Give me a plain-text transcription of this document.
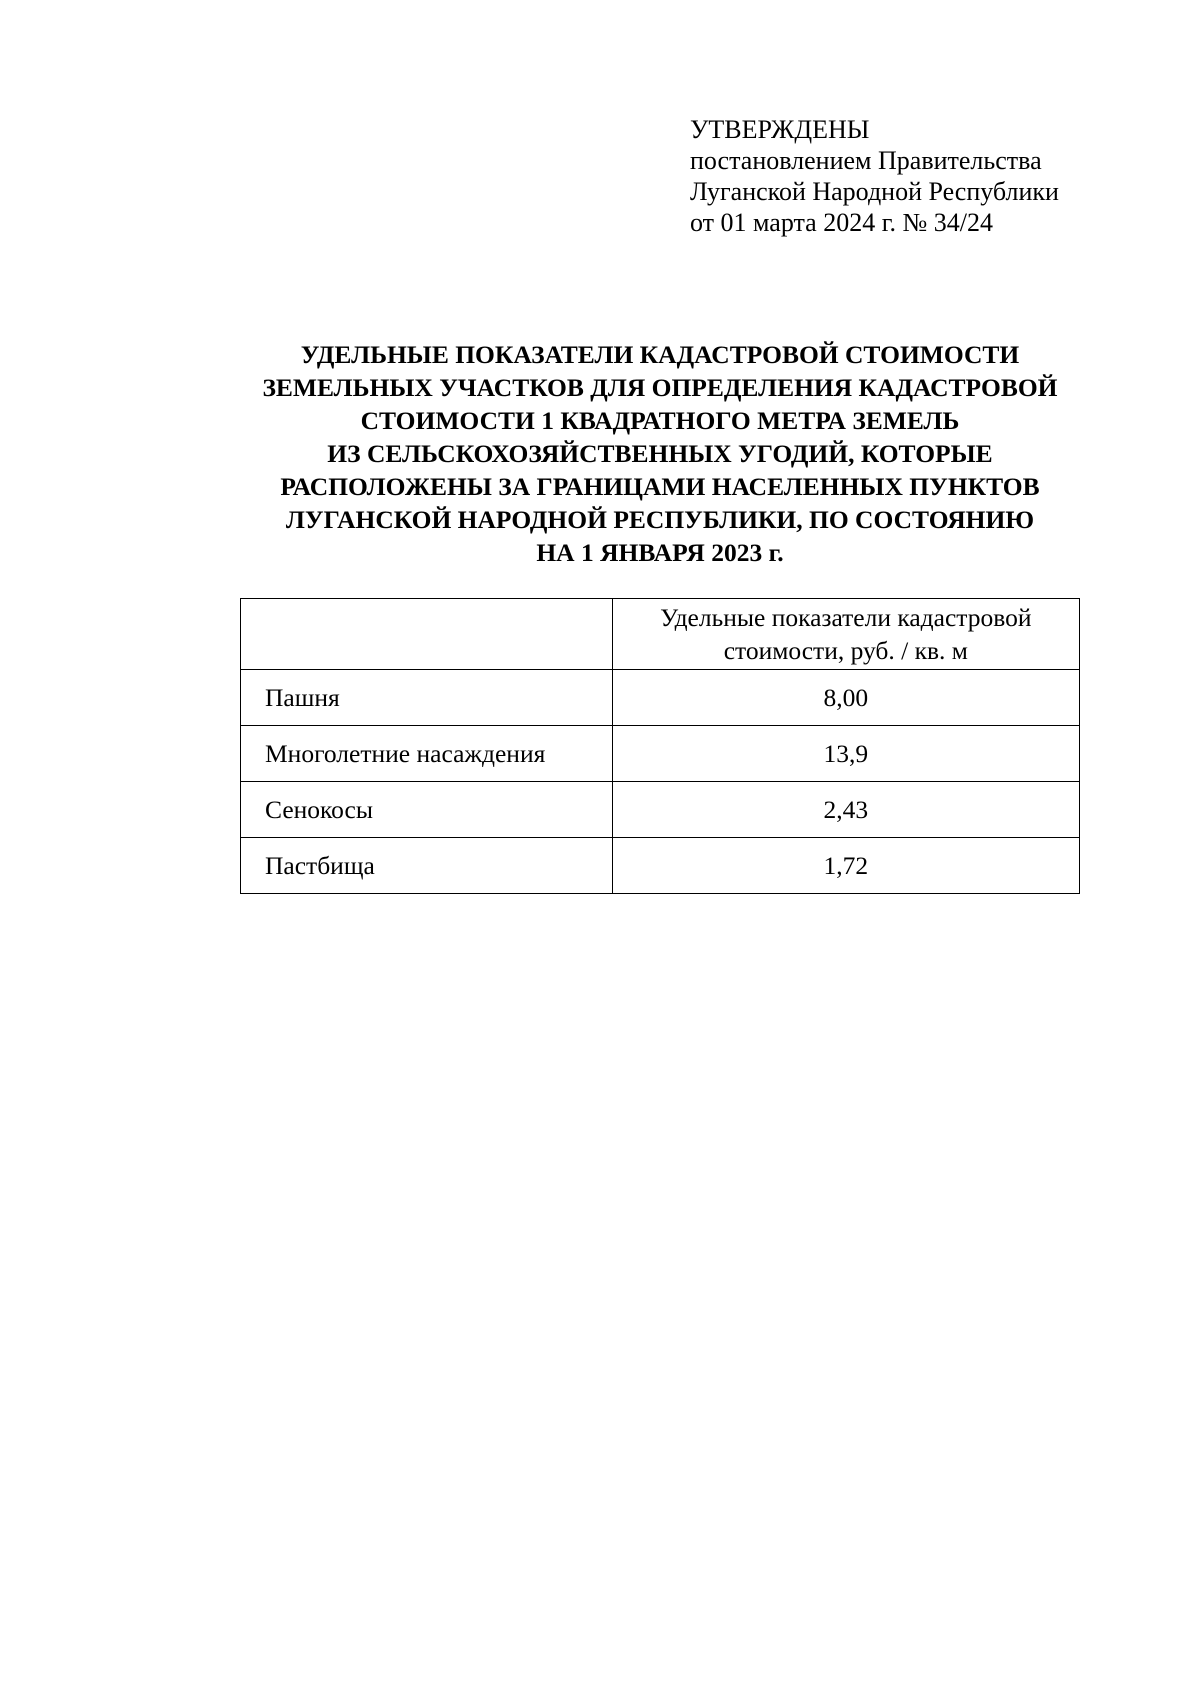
УТВЕРЖДЕНЫ
постановлением Правительства
Луганской Народной Республики
от 01 марта 2024 г. № 34/24
УДЕЛЬНЫЕ ПОКАЗАТЕЛИ КАДАСТРОВОЙ СТОИМОСТИ
ЗЕМЕЛЬНЫХ УЧАСТКОВ ДЛЯ ОПРЕДЕЛЕНИЯ КАДАСТРОВОЙ
СТОИМОСТИ 1 КВАДРАТНОГО МЕТРА ЗЕМЕЛЬ
ИЗ СЕЛЬСКОХОЗЯЙСТВЕННЫХ УГОДИЙ, КОТОРЫЕ
РАСПОЛОЖЕНЫ ЗА ГРАНИЦАМИ НАСЕЛЕННЫХ ПУНКТОВ
ЛУГАНСКОЙ НАРОДНОЙ РЕСПУБЛИКИ, ПО СОСТОЯНИЮ
НА 1 ЯНВАРЯ 2023 г.

	Удельные показатели кадастровой
стоимости, руб. / кв. м

Пашня	8,00
Многолетние насаждения	13,9
Сенокосы	2,43
Пастбища	1,72
